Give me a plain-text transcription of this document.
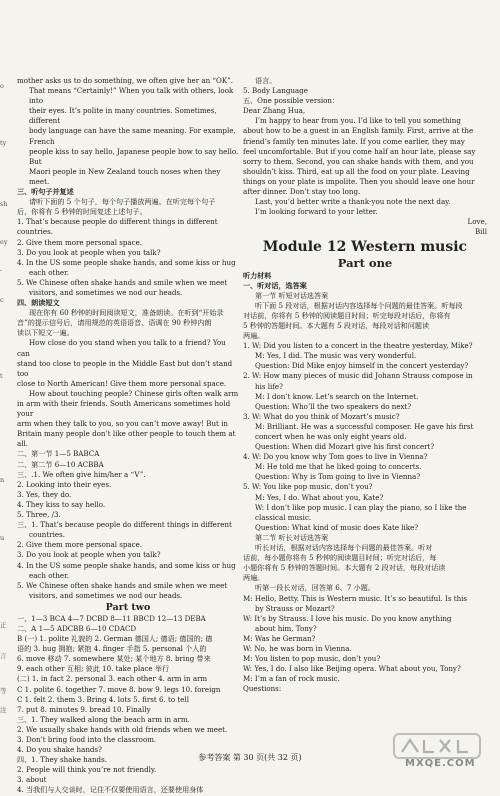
o
ty
sh
ey
-
c
t
n
u
正
言
等
注

mother asks us to do something, we often give her an “OK”.

That means “Certainly!” When you talk with others, look into

their eyes. It’s polite in many countries. Sometimes, different

body language can have the same meaning. For example, French

people kiss to say hello, Japanese people bow to say hello. But

Maori people in New Zealand touch noses when they meet.

三、听句子并复述

请听下面的 5 个句子，每个句子播放两遍。在听完每个句子

后，你将有 5 秒钟的时间复述上述句子。

1. That’s because people do different things in different countries.

2. Give them more personal space.

3. Do you look at people when you talk?

4. In the US some people shake hands, and some kiss or hug

each other.

5. We Chinese often shake hands and smile when we meet

visitors, and sometimes we nod our heads.

四、朗读短文

现在你有 60 秒钟的时间阅读短文，准备朗读。在听到“开始录

音”的提示信号后，请用规范的英语语音、语调在 90 秒钟内朗

读以下短文一遍。

How close do you stand when you talk to a friend? You can

stand too close to people in the Middle East but don’t stand too

close to North American! Give them more personal space.

How about touching people? Chinese girls often walk arm

in arm with their friends. South Americans sometimes hold your

arm when they talk to you, so you can’t move away! But in

Britain many people don’t like other people to touch them at all.

二、第一节 1—5 BABCA

二、第二节 6—10 ACBBA

三、.1. We often give him/her a “V”.

2. Looking into their eyes.

3. Yes, they do.

4. They kiss to say hello.

5. Three, /3.

三、1. That’s because people do different things in different

countries.

2. Give them more personal space.

3. Do you look at people when you talk?

4. In the US some people shake hands, and some kiss or hug

each other.

5. We Chinese often shake hands and smile when we meet

visitors, and sometimes we nod our heads.

Part two

一、1—3 BCA 4—7 DCBD 8—11 BBCD 12—13 DEBA

二、A 1—5 ADCBB 6—10 CDACD

B (一) 1. polite 礼貌的 2. German 德国人; 德语; 德国的; 德

语的 3. hug 拥抱; 紧抱 4. finger 手指 5. personal 个人的

6. move 移动 7. somewhere 某处; 某个地方 8. bring 带来

9. each other 互相; 彼此 10. take place 举行

(二) 1. in fact 2. personal 3. each other 4. arm in arm

C 1. polite 6. together 7. move 8. bow 9. legs 10. foreign

C 1. felt 2. them 3. Bring 4. lots 5. first 6. to tell

7. put 8. minutes 9. bread 10. Finally

三、1. They walked along the beach arm in arm.

2. We usually shake hands with old friends when we meet.

3. Don’t bring food into the classroom.

4. Do you shake hands?

四、1. They shake hands.

2. People will think you’re not friendly.

3. about

4. 当我们与人交谈时，记住不仅要使用语言，还要使用身体

语言。

5. Body Language

五、One possible version：

Dear Zhang Hua,

I’m happy to hear from you. I’d like to tell you something

about how to be a guest in an English family. First, arrive at the

friend’s family ten minutes late. If you come earlier, they may

feel uncomfortable. But if you come half an hour late, please say

sorry to them. Second, you can shake hands with them, and you

shouldn’t kiss. Third, eat up all the food on your plate. Leaving

things on your plate is impolite. Then you should leave one hour

after dinner. Don’t stay too long.

Last, you’d better write a thank-you note the next day.

I’m looking forward to your letter.

Love,

Bill

Module 12 Western music

Part one

听力材料

一、听对话，选答案

第一节 听短对话选答案

听下面 5 段对话，根据对话内容选择每个问题的最佳答案。听每段

对话前，你将有 5 秒钟的阅读题目时间；听完每段对话后，你将有

5 秒钟的答题时间。本大题有 5 段对话，每段对话和问题读

两遍。

1. W: Did you listen to a concert in the theatre yesterday, Mike?

M: Yes, I did. The music was very wonderful.

Question: Did Mike enjoy himself in the concert yesterday?

2. W: How many pieces of music did Johann Strauss compose in

his life?

M: I don’t know. Let’s search on the Internet.

Question: Who’ll the two speakers do next?

3. W: What do you think of Mozart’s music?

M: Brilliant. He was a successful composer. He gave his first

concert when he was only eight years old.

Question: When did Mozart give his first concert?

4. W: Do you know why Tom goes to live in Vienna?

M: He told me that he liked going to concerts.

Question: Why is Tom going to live in Vienna?

5. W: You like pop music, don’t you?

M: Yes, I do. What about you, Kate?

W: I don’t like pop music. I can play the piano, so I like the

classical music.

Question: What kind of music does Kate like?

第二节 听长对话选答案

听长对话，根据对话内容选择每个问题的最佳答案。听对

话前，每小题你将有 5 秒钟的阅读题目时间；听完对话后，每

小题你将有 5 秒钟的答题时间。本大题有 2 段对话，每段对话读

两遍。

听第一段长对话，回答第 6、7 小题。

M: Hello, Betty. This is Western music. It’s so beautiful. Is this

by Strauss or Mozart?

W: It’s by Strauss. I love his music. Do you know anything

about him, Tony?

M: Was he German?

W: No, he was born in Vienna.

M: You listen to pop music, don’t you?

W: Yes, I do. I also like Beijing opera. What about you, Tony?

M: I’m a fan of rock music.

Questions:

参考答案 第 30 页(共 32 页)
MXQE.COM
